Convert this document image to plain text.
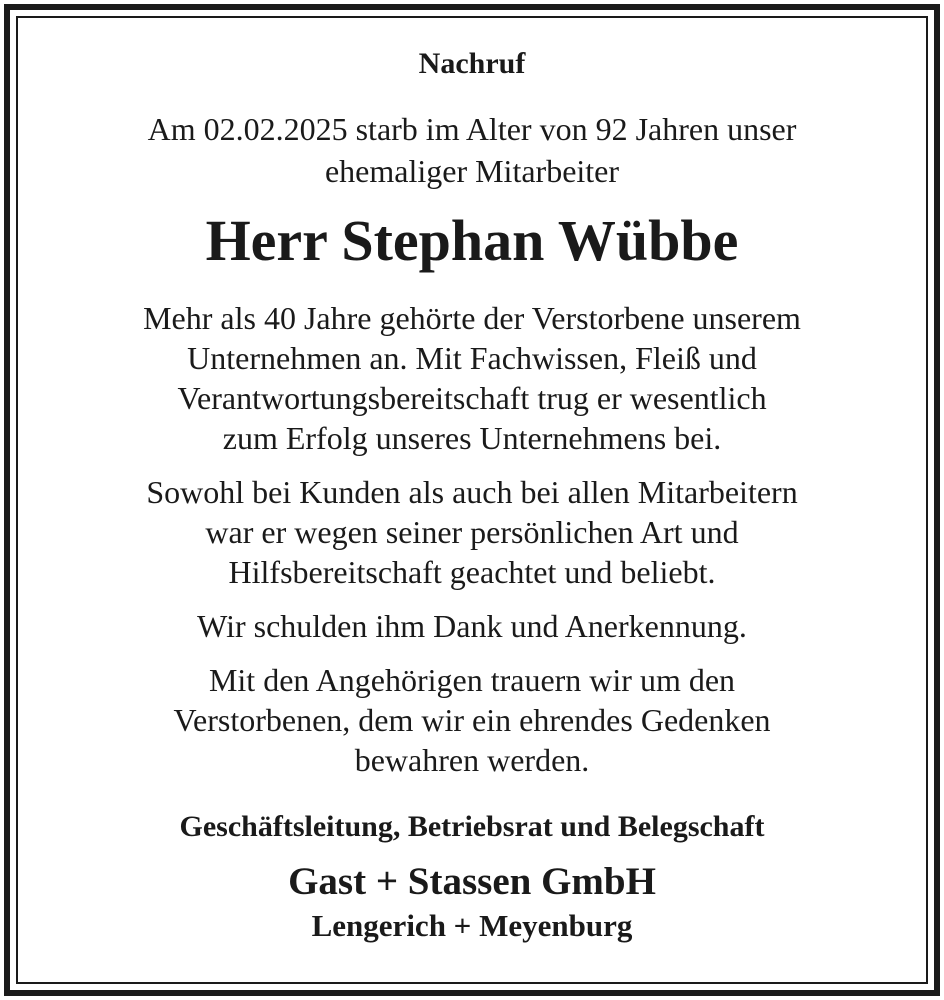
Nachruf
Am 02.02.2025 starb im Alter von 92 Jahren unser
ehemaliger Mitarbeiter
Herr Stephan Wübbe
Mehr als 40 Jahre gehörte der Verstorbene unserem
Unternehmen an. Mit Fachwissen, Fleiß und
Verantwortungsbereitschaft trug er wesentlich
zum Erfolg unseres Unternehmens bei.
Sowohl bei Kunden als auch bei allen Mitarbeitern
war er wegen seiner persönlichen Art und
Hilfsbereitschaft geachtet und beliebt.
Wir schulden ihm Dank und Anerkennung.
Mit den Angehörigen trauern wir um den
Verstorbenen, dem wir ein ehrendes Gedenken
bewahren werden.
Geschäftsleitung, Betriebsrat und Belegschaft
Gast + Stassen GmbH
Lengerich + Meyenburg
